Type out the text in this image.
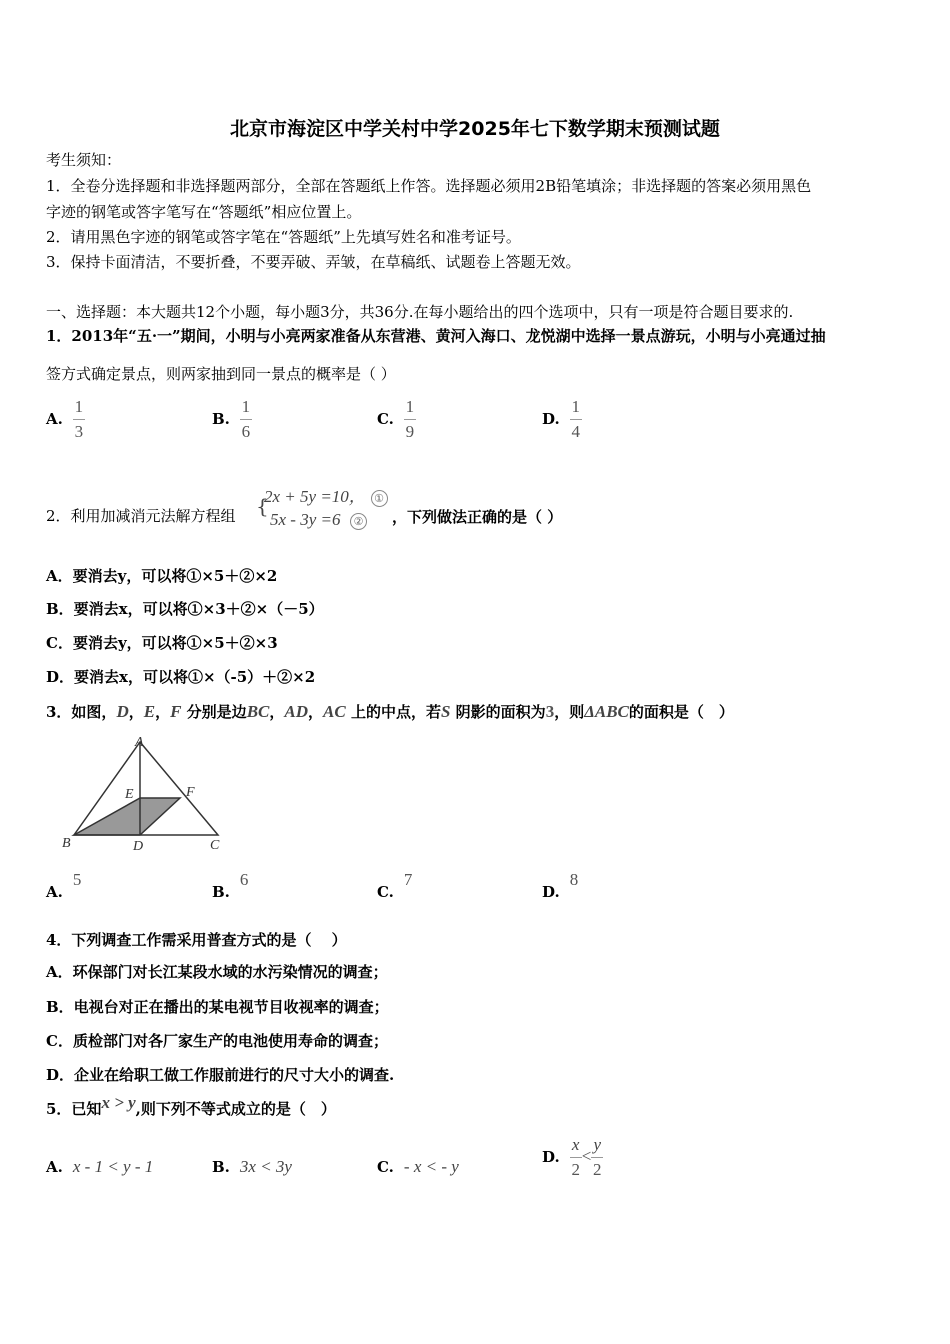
北京市海淀区中学关村中学2025年七下数学期末预测试题
考生须知：
1．全卷分选择题和非选择题两部分，全部在答题纸上作答。选择题必须用2B铅笔填涂；非选择题的答案必须用黑色
字迹的钢笔或答字笔写在“答题纸”相应位置上。
2．请用黑色字迹的钢笔或答字笔在“答题纸”上先填写姓名和准考证号。
3．保持卡面清洁，不要折叠，不要弄破、弄皱，在草稿纸、试题卷上答题无效。
一、选择题：本大题共12个小题，每小题3分，共36分.在每小题给出的四个选项中，只有一项是符合题目要求的.
1．2013年“五·一”期间，小明与小亮两家准备从东营港、黄河入海口、龙悦湖中选择一景点游玩，小明与小亮通过抽
签方式确定景点，则两家抽到同一景点的概率是（ ）
A. $\frac{1}{3}$	B. $\frac{1}{6}$	C. $\frac{1}{9}$	D. $\frac{1}{4}$
2．利用加减消元法解方程组 {
2x + 5y =10， ①
5x - 3y =6 ② ，下列做法正确的是（ ）
A．要消去y，可以将①×5＋②×2
B．要消去x，可以将①×3＋②×（－5）
C．要消去y，可以将①×5＋②×3
D．要消去x，可以将①×（-5）＋②×2
3．如图，D，E，F 分别是边BC，AD，AC 上的中点，若S 阴影的面积为3，则ΔABC的面积是（　）
A
B	C
D
E	F
A.5
B.6
C.7
D.8
4．下列调查工作需采用普查方式的是（　 ）
A．环保部门对长江某段水域的水污染情况的调查；
B．电视台对正在播出的某电视节目收视率的调查；
C．质检部门对各厂家生产的电池使用寿命的调查；
D．企业在给职工做工作服前进行的尺寸大小的调查.
5．已知x > y,则下列不等式成立的是（　）
A. x - 1 < y - 1	B. 3x < 3y	C. - x < - y
D. $\frac{x}{2} < \frac{y}{2}$
